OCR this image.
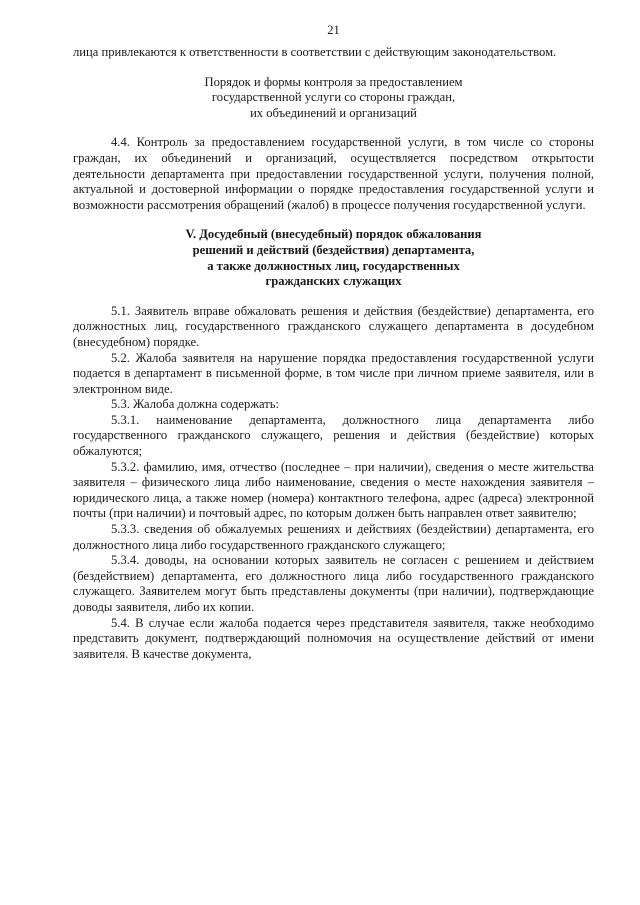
21

лица привлекаются к ответственности в соответствии с действующим законодательством.

Порядок и формы контроля за предоставлением
государственной услуги со стороны граждан,
их объединений и организаций

4.4. Контроль за предоставлением государственной услуги, в том числе со стороны граждан, их объединений и организаций, осуществляется посредством открытости деятельности департамента при предоставлении государственной услуги, получения полной, актуальной и достоверной информации о порядке предоставления государственной услуги и возможности рассмотрения обращений (жалоб) в процессе получения государственной услуги.

V. Досудебный (внесудебный) порядок обжалования
решений и действий (бездействия) департамента,
а также должностных лиц, государственных
гражданских служащих

5.1. Заявитель вправе обжаловать решения и действия (бездействие) департамента, его должностных лиц, государственного гражданского служащего департамента в досудебном (внесудебном) порядке.

5.2. Жалоба заявителя на нарушение порядка предоставления государственной услуги подается в департамент в письменной форме, в том числе при личном приеме заявителя, или в электронном виде.

5.3. Жалоба должна содержать:

5.3.1. наименование департамента, должностного лица департамента либо государственного гражданского служащего, решения и действия (бездействие) которых обжалуются;

5.3.2. фамилию, имя, отчество (последнее – при наличии), сведения о месте жительства заявителя – физического лица либо наименование, сведения о месте нахождения заявителя – юридического лица, а также номер (номера) контактного телефона, адрес (адреса) электронной почты (при наличии) и почтовый адрес, по которым должен быть направлен ответ заявителю;

5.3.3. сведения об обжалуемых решениях и действиях (бездействии) департамента, его должностного лица либо государственного гражданского служащего;

5.3.4. доводы, на основании которых заявитель не согласен с решением и действием (бездействием) департамента, его должностного лица либо государственного гражданского служащего. Заявителем могут быть представлены документы (при наличии), подтверждающие доводы заявителя, либо их копии.

5.4. В случае если жалоба подается через представителя заявителя, также необходимо представить документ, подтверждающий полномочия на осуществление действий от имени заявителя. В качестве документа,
